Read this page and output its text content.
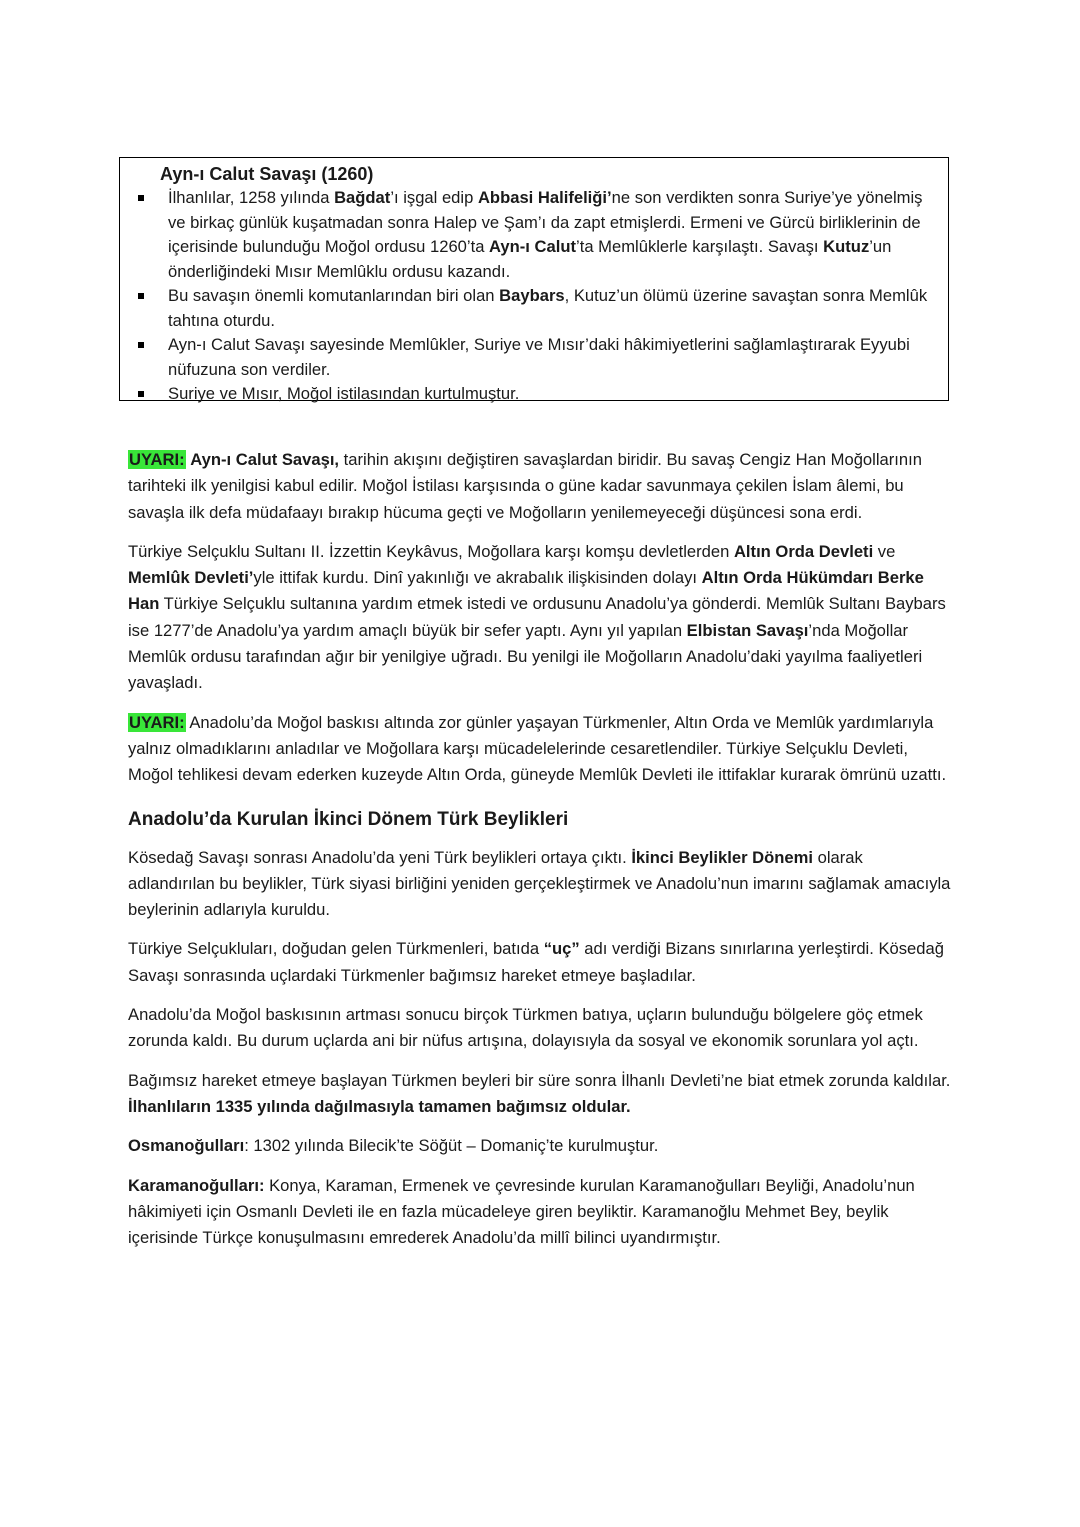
Ayn-ı Calut Savaşı (1260)
İlhanlılar, 1258 yılında Bağdat’ı işgal edip Abbasi Halifeliği’ne son verdikten sonra Suriye’ye yönelmiş ve birkaç günlük kuşatmadan sonra Halep ve Şam’ı da zapt etmişlerdi. Ermeni ve Gürcü birliklerinin de içerisinde bulunduğu Moğol ordusu 1260’ta Ayn-ı Calut’ta Memlûklerle karşılaştı. Savaşı Kutuz’un önderliğindeki Mısır Memlûklu ordusu kazandı.
Bu savaşın önemli komutanlarından biri olan Baybars, Kutuz’un ölümü üzerine savaştan sonra Memlûk tahtına oturdu.
Ayn-ı Calut Savaşı sayesinde Memlûkler, Suriye ve Mısır’daki hâkimiyetlerini sağlamlaştırarak Eyyubi nüfuzuna son verdiler.
Suriye ve Mısır, Moğol istilasından kurtulmuştur.

UYARI: Ayn-ı Calut Savaşı, tarihin akışını değiştiren savaşlardan biridir. Bu savaş Cengiz Han Moğollarının tarihteki ilk yenilgisi kabul edilir. Moğol İstilası karşısında o güne kadar savunmaya çekilen İslam âlemi, bu savaşla ilk defa müdafaayı bırakıp hücuma geçti ve Moğolların yenilemeyeceği düşüncesi sona erdi.

Türkiye Selçuklu Sultanı II. İzzettin Keykâvus, Moğollara karşı komşu devletlerden Altın Orda Devleti ve Memlûk Devleti’yle ittifak kurdu. Dinî yakınlığı ve akrabalık ilişkisinden dolayı Altın Orda Hükümdarı Berke Han Türkiye Selçuklu sultanına yardım etmek istedi ve ordusunu Anadolu’ya gönderdi. Memlûk Sultanı Baybars ise 1277’de Anadolu’ya yardım amaçlı büyük bir sefer yaptı. Aynı yıl yapılan Elbistan Savaşı’nda Moğollar Memlûk ordusu tarafından ağır bir yenilgiye uğradı. Bu yenilgi ile Moğolların Anadolu’daki yayılma faaliyetleri yavaşladı.

UYARI: Anadolu’da Moğol baskısı altında zor günler yaşayan Türkmenler, Altın Orda ve Memlûk yardımlarıyla yalnız olmadıklarını anladılar ve Moğollara karşı mücadelelerinde cesaretlendiler. Türkiye Selçuklu Devleti, Moğol tehlikesi devam ederken kuzeyde Altın Orda, güneyde Memlûk Devleti ile ittifaklar kurarak ömrünü uzattı.

Anadolu’da Kurulan İkinci Dönem Türk Beylikleri

Kösedağ Savaşı sonrası Anadolu’da yeni Türk beylikleri ortaya çıktı. İkinci Beylikler Dönemi olarak adlandırılan bu beylikler, Türk siyasi birliğini yeniden gerçekleştirmek ve Anadolu’nun imarını sağlamak amacıyla beylerinin adlarıyla kuruldu.

Türkiye Selçukluları, doğudan gelen Türkmenleri, batıda “uç” adı verdiği Bizans sınırlarına yerleştirdi. Kösedağ Savaşı sonrasında uçlardaki Türkmenler bağımsız hareket etmeye başladılar.

Anadolu’da Moğol baskısının artması sonucu birçok Türkmen batıya, uçların bulunduğu bölgelere göç etmek zorunda kaldı. Bu durum uçlarda ani bir nüfus artışına, dolayısıyla da sosyal ve ekonomik sorunlara yol açtı.

Bağımsız hareket etmeye başlayan Türkmen beyleri bir süre sonra İlhanlı Devleti’ne biat etmek zorunda kaldılar. İlhanlıların 1335 yılında dağılmasıyla tamamen bağımsız oldular.

Osmanoğulları: 1302 yılında Bilecik’te Söğüt – Domaniç’te kurulmuştur.

Karamanoğulları: Konya, Karaman, Ermenek ve çevresinde kurulan Karamanoğulları Beyliği, Anadolu’nun hâkimiyeti için Osmanlı Devleti ile en fazla mücadeleye giren beyliktir. Karamanoğlu Mehmet Bey, beylik içerisinde Türkçe konuşulmasını emrederek Anadolu’da millî bilinci uyandırmıştır.
